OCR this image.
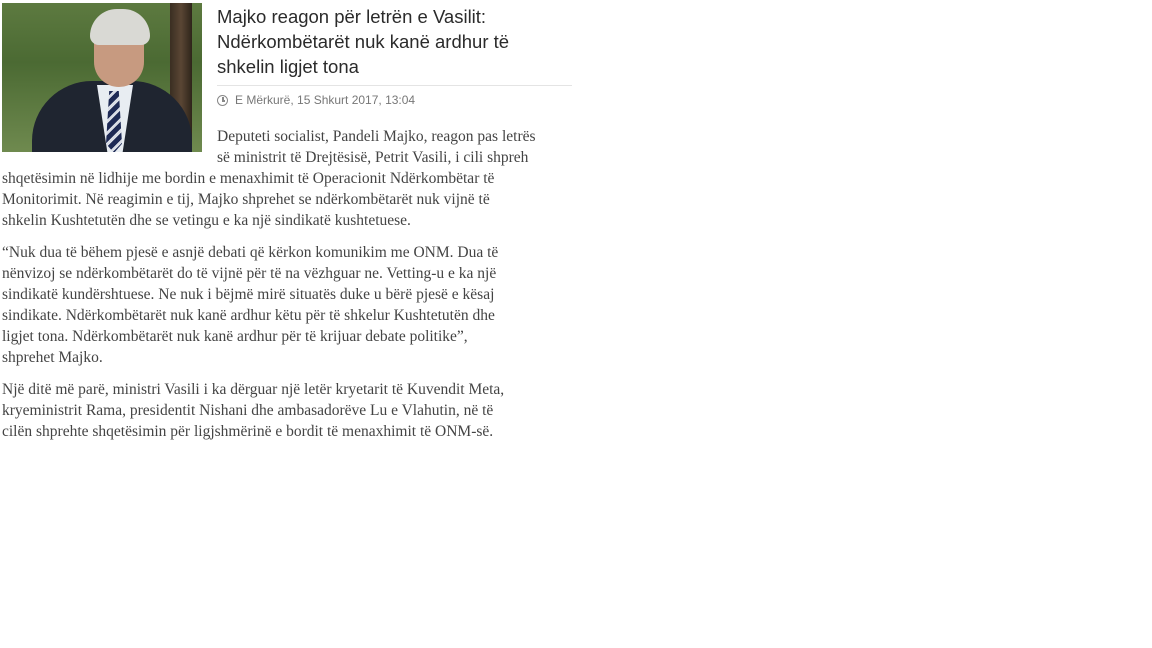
Majko reagon për letrën e Vasilit:
Ndërkombëtarët nuk kanë ardhur të
shkelin ligjet tona
E Mërkurë, 15 Shkurt 2017, 13:04

Deputeti socialist, Pandeli Majko, reagon pas letrës
së ministrit të Drejtësisë, Petrit Vasili, i cili shpreh
shqetësimin në lidhije me bordin e menaxhimit të Operacionit Ndërkombëtar të
Monitorimit. Në reagimin e tij, Majko shprehet se ndërkombëtarët nuk vijnë të
shkelin Kushtetutën dhe se vetingu e ka një sindikatë kushtetuese.

“Nuk dua të bëhem pjesë e asnjë debati që kërkon komunikim me ONM. Dua të
nënvizoj se ndërkombëtarët do të vijnë për të na vëzhguar ne. Vetting-u e ka një
sindikatë kundërshtuese. Ne nuk i bëjmë mirë situatës duke u bërë pjesë e kësaj
sindikate. Ndërkombëtarët nuk kanë ardhur këtu për të shkelur Kushtetutën dhe
ligjet tona. Ndërkombëtarët nuk kanë ardhur për të krijuar debate politike”,
shprehet Majko.

Një ditë më parë, ministri Vasili i ka dërguar një letër kryetarit të Kuvendit Meta,
kryeministrit Rama, presidentit Nishani dhe ambasadorëve Lu e Vlahutin, në të
cilën shprehte shqetësimin për ligjshmërinë e bordit të menaxhimit të ONM-së.
